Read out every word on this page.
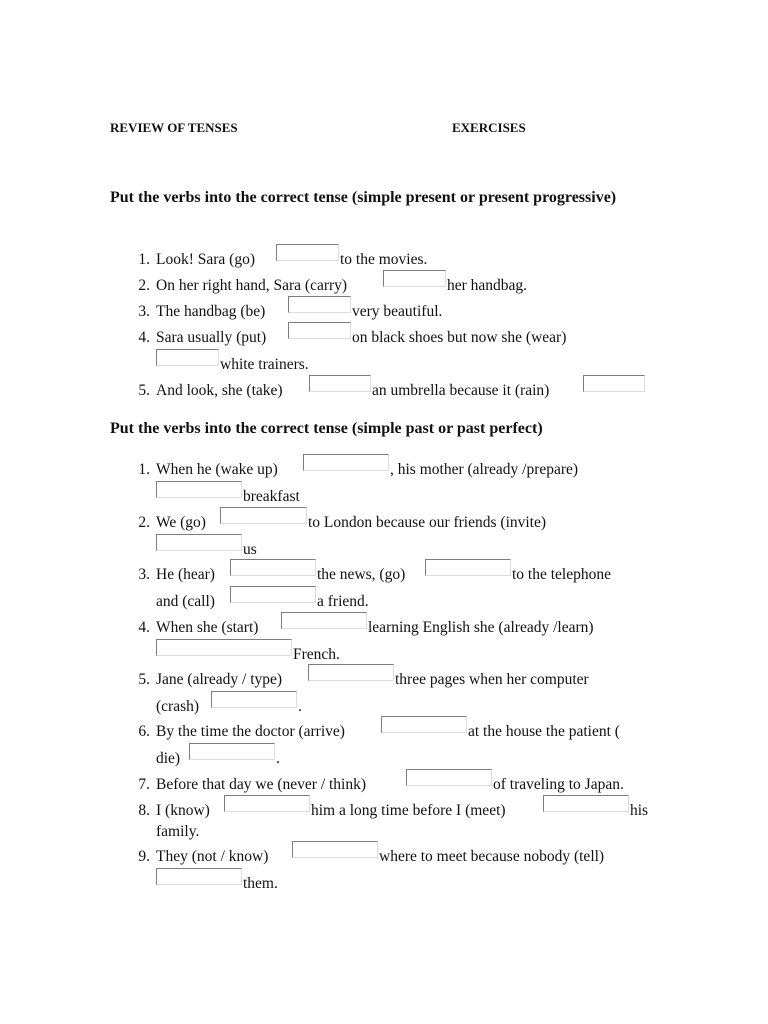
REVIEW OF TENSES	EXERCISES
Put the verbs into the correct tense (simple present or present progressive)
1. Look! Sara (go)	to the movies.
2. On her right hand, Sara (carry)	her handbag.
3. The handbag (be)	very beautiful.
4. Sara usually (put)	on black shoes but now she (wear)
white trainers.
5. And look, she (take)	an umbrella because it (rain)
Put the verbs into the correct tense (simple past or past perfect)
1. When he (wake up)	, his mother (already /prepare)
breakfast
2. We (go)	to London because our friends (invite)
us
3. He (hear)	the news, (go)	to the telephone
and (call)	a friend.
4. When she (start)	learning English she (already /learn)
French.
5. Jane (already / type)	three pages when her computer
(crash)	.
6. By the time the doctor (arrive)	at the house the patient (
die)	.
7. Before that day we (never / think)	of traveling to Japan.
8. I (know)	him a long time before I (meet)	his
family.
9. They (not / know)	where to meet because nobody (tell)
them.
